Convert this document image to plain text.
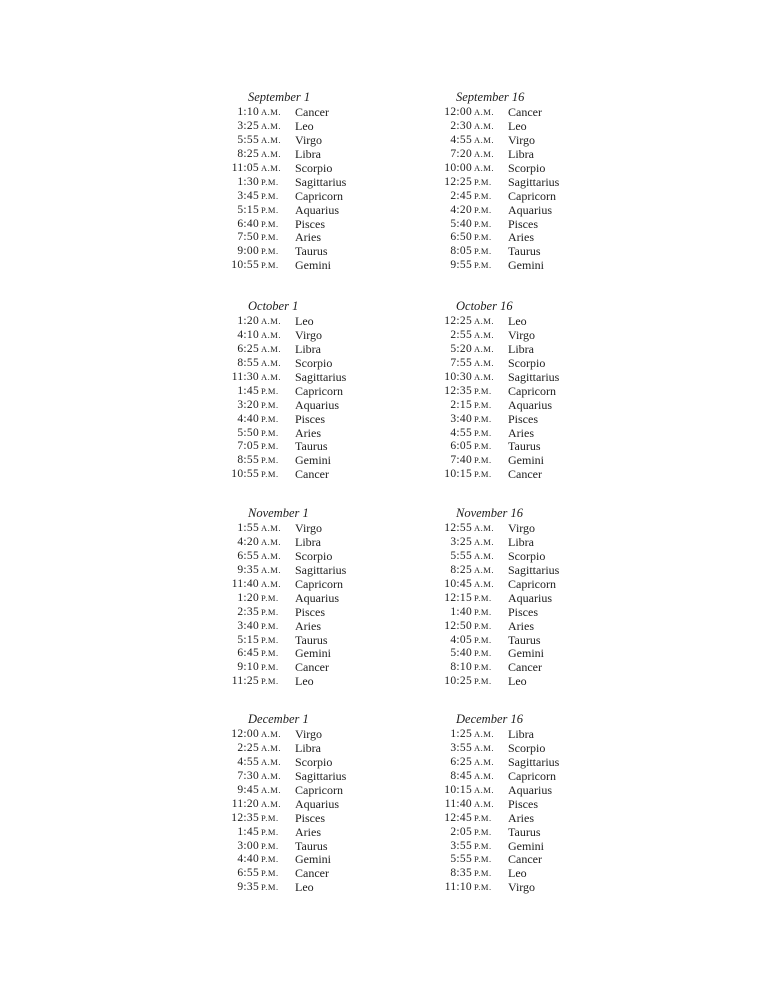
September 1
1:10 A.M. Cancer
3:25 A.M. Leo
5:55 A.M. Virgo
8:25 A.M. Libra
11:05 A.M. Scorpio
1:30 P.M. Sagittarius
3:45 P.M. Capricorn
5:15 P.M. Aquarius
6:40 P.M. Pisces
7:50 P.M. Aries
9:00 P.M. Taurus
10:55 P.M. Gemini
September 16
12:00 A.M. Cancer
2:30 A.M. Leo
4:55 A.M. Virgo
7:20 A.M. Libra
10:00 A.M. Scorpio
12:25 P.M. Sagittarius
2:45 P.M. Capricorn
4:20 P.M. Aquarius
5:40 P.M. Pisces
6:50 P.M. Aries
8:05 P.M. Taurus
9:55 P.M. Gemini
October 1
1:20 A.M. Leo
4:10 A.M. Virgo
6:25 A.M. Libra
8:55 A.M. Scorpio
11:30 A.M. Sagittarius
1:45 P.M. Capricorn
3:20 P.M. Aquarius
4:40 P.M. Pisces
5:50 P.M. Aries
7:05 P.M. Taurus
8:55 P.M. Gemini
10:55 P.M. Cancer
October 16
12:25 A.M. Leo
2:55 A.M. Virgo
5:20 A.M. Libra
7:55 A.M. Scorpio
10:30 A.M. Sagittarius
12:35 P.M. Capricorn
2:15 P.M. Aquarius
3:40 P.M. Pisces
4:55 P.M. Aries
6:05 P.M. Taurus
7:40 P.M. Gemini
10:15 P.M. Cancer
November 1
1:55 A.M. Virgo
4:20 A.M. Libra
6:55 A.M. Scorpio
9:35 A.M. Sagittarius
11:40 A.M. Capricorn
1:20 P.M. Aquarius
2:35 P.M. Pisces
3:40 P.M. Aries
5:15 P.M. Taurus
6:45 P.M. Gemini
9:10 P.M. Cancer
11:25 P.M. Leo
November 16
12:55 A.M. Virgo
3:25 A.M. Libra
5:55 A.M. Scorpio
8:25 A.M. Sagittarius
10:45 A.M. Capricorn
12:15 P.M. Aquarius
1:40 P.M. Pisces
12:50 P.M. Aries
4:05 P.M. Taurus
5:40 P.M. Gemini
8:10 P.M. Cancer
10:25 P.M. Leo
December 1
12:00 A.M. Virgo
2:25 A.M. Libra
4:55 A.M. Scorpio
7:30 A.M. Sagittarius
9:45 A.M. Capricorn
11:20 A.M. Aquarius
12:35 P.M. Pisces
1:45 P.M. Aries
3:00 P.M. Taurus
4:40 P.M. Gemini
6:55 P.M. Cancer
9:35 P.M. Leo
December 16
1:25 A.M. Libra
3:55 A.M. Scorpio
6:25 A.M. Sagittarius
8:45 A.M. Capricorn
10:15 A.M. Aquarius
11:40 A.M. Pisces
12:45 P.M. Aries
2:05 P.M. Taurus
3:55 P.M. Gemini
5:55 P.M. Cancer
8:35 P.M. Leo
11:10 P.M. Virgo
